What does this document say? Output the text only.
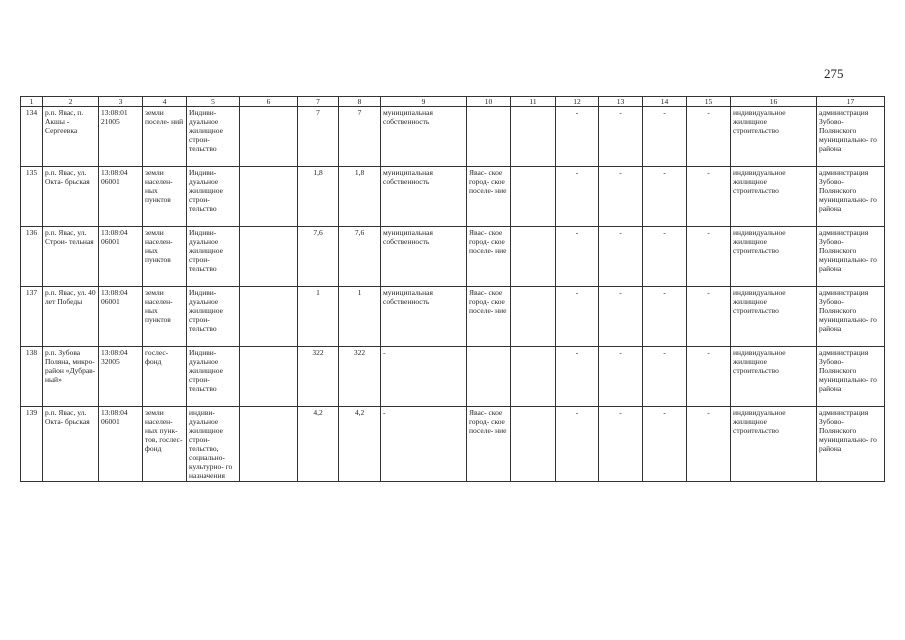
275
1	2	3	4	5	6	7	8	9	10	11	12	13	14	15	16	17
134	р.п. Явас, п. Акшы - Сергеевка	13:08:01 21005	земли поселе- ний	Индиви- дуальное жилищное строи- тельство		7	7	муниципальная собственность			-	-	-	-	индивидуальное жилищное строительство	администрация Зубово- Полянского муниципально- го района
135	р.п. Явас, ул. Окта- брьская	13:08:04 06001	земли населен- ных пунктов	Индиви- дуальное жилищное строи- тельство		1,8	1,8	муниципальная собственность	Явас- ское город- ское поселе- ние		-	-	-	-	индивидуальное жилищное строительство	администрация Зубово- Полянского муниципально- го района
136	р.п. Явас, ул. Строи- тельная	13:08:04 06001	земли населен- ных пунктов	Индиви- дуальное жилищное строи- тельство		7,6	7,6	муниципальная собственность	Явас- ское город- ское поселе- ние		-	-	-	-	индивидуальное жилищное строительство	администрация Зубово- Полянского муниципально- го района
137	р.п. Явас, ул. 40 лет Победы	13:08:04 06001	земли населен- ных пунктов	Индиви- дуальное жилищное строи- тельство		1	1	муниципальная собственность	Явас- ское город- ское поселе- ние		-	-	-	-	индивидуальное жилищное строительство	администрация Зубово- Полянского муниципально- го района
138	р.п. Зубова Поляна, микро- район «Дубрав- ный»	13:08:04 32005	гослес- фонд	Индиви- дуальное жилищное строи- тельство		322	322	-			-	-	-	-	индивидуальное жилищное строительство	администрация Зубово- Полянского муниципально- го района
139	р.п. Явас, ул. Окта- брьская	13:08:04 06001	земли населен- ных пунк- тов, гослес- фонд	индиви- дуальное жилищное строи- тельство, социально- культурно- го назначения		4,2	4,2	-	Явас- ское город- ское поселе- ние		-	-	-	-	индивидуальное жилищное строительство	администрация Зубово- Полянского муниципально- го района
